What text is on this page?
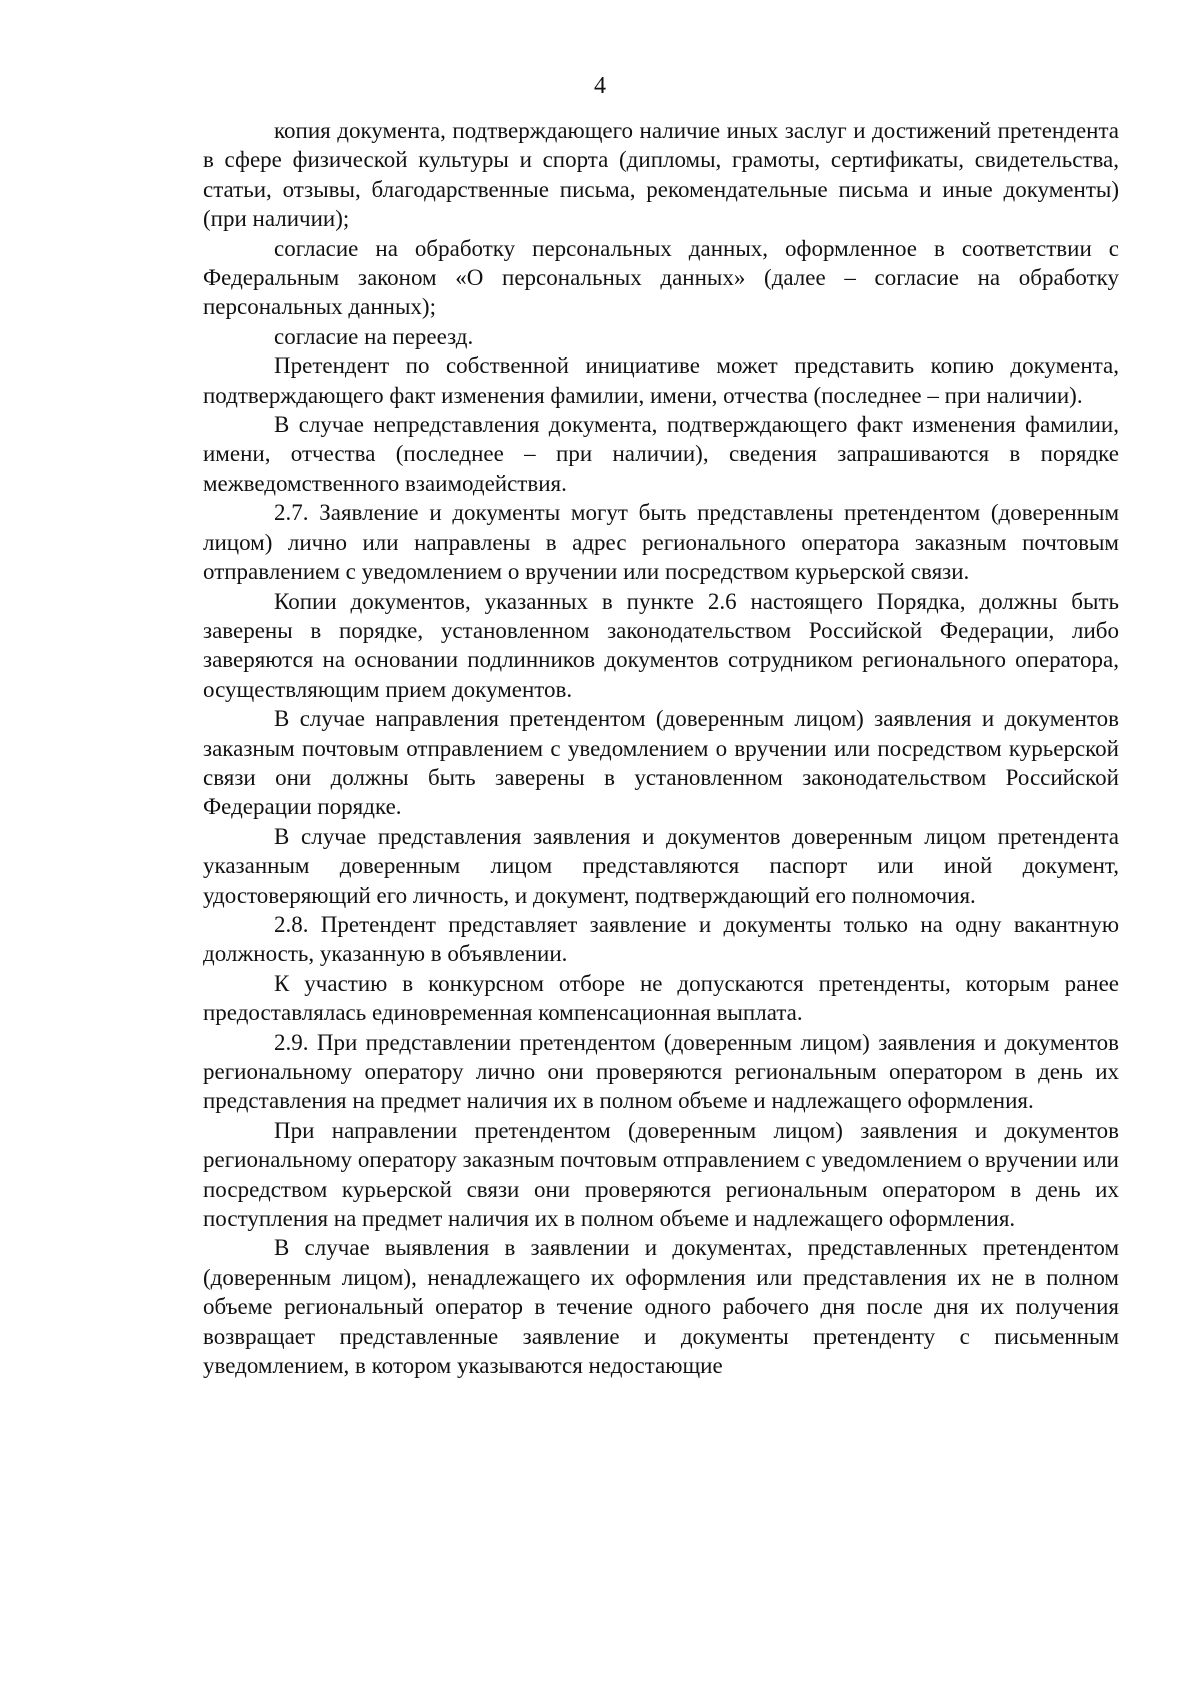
4

копия документа, подтверждающего наличие иных заслуг и достижений претендента в сфере физической культуры и спорта (дипломы, грамоты, сертификаты, свидетельства, статьи, отзывы, благодарственные письма, рекомендательные письма и иные документы) (при наличии);

согласие на обработку персональных данных, оформленное в соответствии с Федеральным законом «О персональных данных» (далее – согласие на обработку персональных данных);

согласие на переезд.

Претендент по собственной инициативе может представить копию документа, подтверждающего факт изменения фамилии, имени, отчества (последнее – при наличии).

В случае непредставления документа, подтверждающего факт изменения фамилии, имени, отчества (последнее – при наличии), сведения запрашиваются в порядке межведомственного взаимодействия.

2.7. Заявление и документы могут быть представлены претендентом (доверенным лицом) лично или направлены в адрес регионального оператора заказным почтовым отправлением с уведомлением о вручении или посредством курьерской связи.

Копии документов, указанных в пункте 2.6 настоящего Порядка, должны быть заверены в порядке, установленном законодательством Российской Федерации, либо заверяются на основании подлинников документов сотрудником регионального оператора, осуществляющим прием документов.

В случае направления претендентом (доверенным лицом) заявления и документов заказным почтовым отправлением с уведомлением о вручении или посредством курьерской связи они должны быть заверены в установленном законодательством Российской Федерации порядке.

В случае представления заявления и документов доверенным лицом претендента указанным доверенным лицом представляются паспорт или иной документ, удостоверяющий его личность, и документ, подтверждающий его полномочия.

2.8. Претендент представляет заявление и документы только на одну вакантную должность, указанную в объявлении.

К участию в конкурсном отборе не допускаются претенденты, которым ранее предоставлялась единовременная компенсационная выплата.

2.9. При представлении претендентом (доверенным лицом) заявления и документов региональному оператору лично они проверяются региональным оператором в день их представления на предмет наличия их в полном объеме и надлежащего оформления.

При направлении претендентом (доверенным лицом) заявления и документов региональному оператору заказным почтовым отправлением с уведомлением о вручении или посредством курьерской связи они проверяются региональным оператором в день их поступления на предмет наличия их в полном объеме и надлежащего оформления.

В случае выявления в заявлении и документах, представленных претендентом (доверенным лицом), ненадлежащего их оформления или представления их не в полном объеме региональный оператор в течение одного рабочего дня после дня их получения возвращает представленные заявление и документы претенденту с письменным уведомлением, в котором указываются недостающие
